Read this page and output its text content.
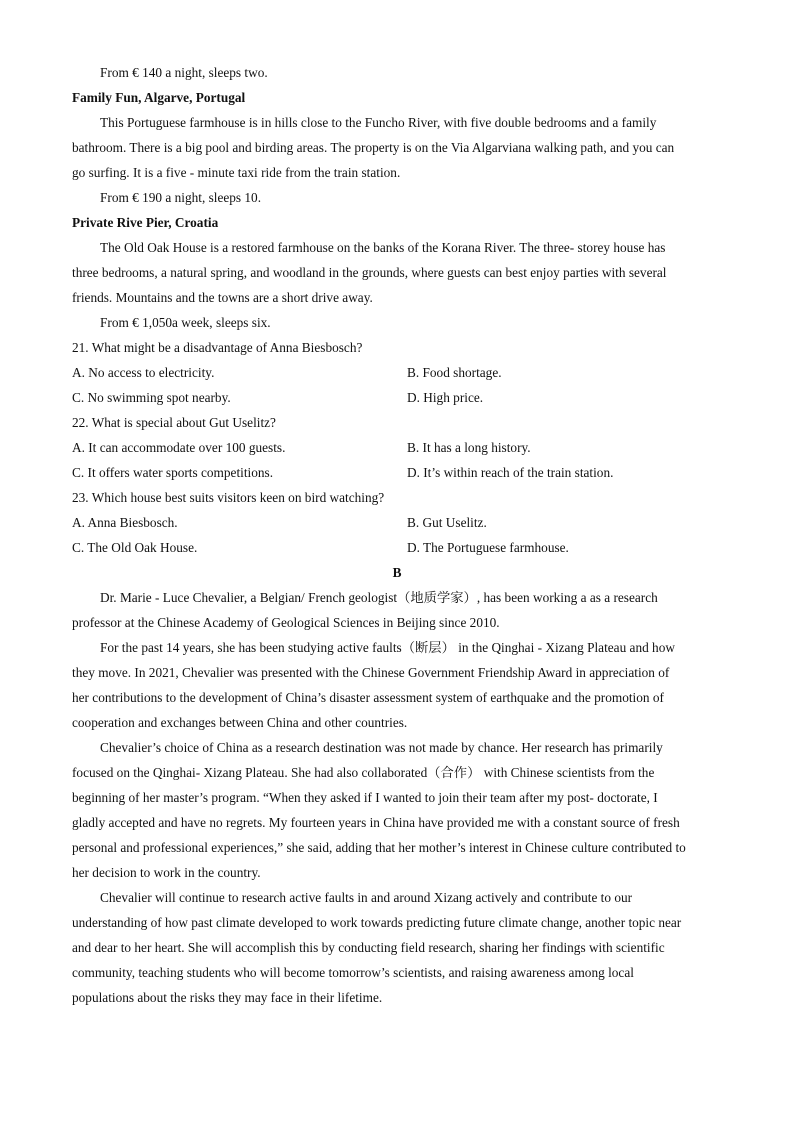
From € 140 a night, sleeps two.
Family Fun, Algarve, Portugal
This Portuguese farmhouse is in hills close to the Funcho River, with five double bedrooms and a family
bathroom. There is a big pool and birding areas. The property is on the Via Algarviana walking path, and you can
go surfing. It is a five - minute taxi ride from the train station.
From € 190 a night, sleeps 10.
Private Rive Pier, Croatia
The Old Oak House is a restored farmhouse on the banks of the Korana River. The three- storey house has
three bedrooms, a natural spring, and woodland in the grounds, where guests can best enjoy parties with several
friends. Mountains and the towns are a short drive away.
From € 1,050a week, sleeps six.
21. What might be a disadvantage of Anna Biesbosch?
A. No access to electricity.	B. Food shortage.
C. No swimming spot nearby.	D. High price.
22. What is special about Gut Uselitz?
A. It can accommodate over 100 guests.	B. It has a long history.
C. It offers water sports competitions.	D. It’s within reach of the train station.
23. Which house best suits visitors keen on bird watching?
A. Anna Biesbosch.	B. Gut Uselitz.
C. The Old Oak House.	D. The Portuguese farmhouse.
B
Dr. Marie - Luce Chevalier, a Belgian/ French geologist（地质学家）, has been working a as a research
professor at the Chinese Academy of Geological Sciences in Beijing since 2010.
For the past 14 years, she has been studying active faults（断层） in the Qinghai - Xizang Plateau and how
they move. In 2021, Chevalier was presented with the Chinese Government Friendship Award in appreciation of
her contributions to the development of China’s disaster assessment system of earthquake and the promotion of
cooperation and exchanges between China and other countries.
Chevalier’s choice of China as a research destination was not made by chance. Her research has primarily
focused on the Qinghai- Xizang Plateau. She had also collaborated（合作） with Chinese scientists from the
beginning of her master’s program. “When they asked if I wanted to join their team after my post- doctorate, I
gladly accepted and have no regrets. My fourteen years in China have provided me with a constant source of fresh
personal and professional experiences,” she said, adding that her mother’s interest in Chinese culture contributed to
her decision to work in the country.
Chevalier will continue to research active faults in and around Xizang actively and contribute to our
understanding of how past climate developed to work towards predicting future climate change, another topic near
and dear to her heart. She will accomplish this by conducting field research, sharing her findings with scientific
community, teaching students who will become tomorrow’s scientists, and raising awareness among local
populations about the risks they may face in their lifetime.
